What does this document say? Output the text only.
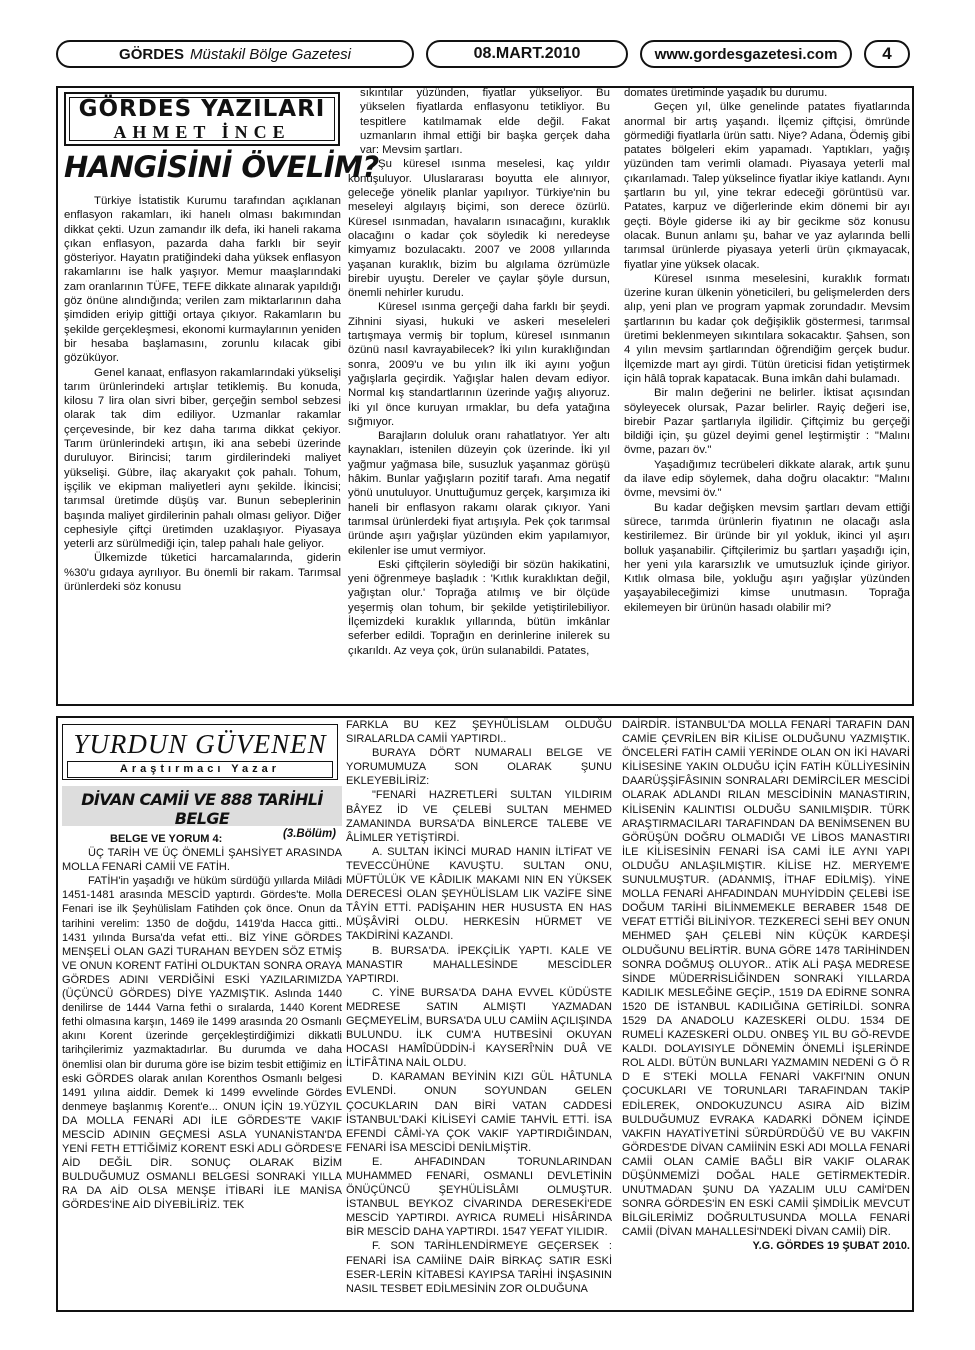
GÖRDES Müstakil Bölge Gazetesi	08.MART.2010	www.gordesgazetesi.com	4
GÖRDES YAZILARI
AHMET İNCE
HANGİSİNİ ÖVELİM?

Türkiye İstatistik Kurumu tarafından açıklanan enflasyon rakamları, iki hanelı olması bakımından dikkat çekti. Uzun zamandır ilk defa, iki haneli rakama çıkan enflasyon, pazarda daha farklı bir seyir gösteriyor. Hayatın pratiğindeki daha yüksek enflasyon rakamlarını ise halk yaşıyor. Memur maaşlarındaki zam oranlarının TÜFE, TEFE dikkate alınarak yapıldığı göz önüne alındığında; verilen zam miktarlarının daha şimdiden eriyip gittiği ortaya çıkıyor. Rakamların bu şekilde gerçekleşmesi, ekonomi kurmaylarının yeniden bir hesaba başlamasını, zorunlu kılacak gibi gözüküyor.

Genel kanaat, enflasyon rakamlarındaki yükselişi tarım ürünlerindeki artışlar tetiklemiş. Bu konuda, kilosu 7 lira olan sivri biber, gerçeğin sembol sebzesi olarak tak dim ediliyor. Uzmanlar rakamlar çerçevesinde, bir kez daha tarıma dikkat çekiyor. Tarım ürünlerindeki artışın, iki ana sebebi üzerinde duruluyor. Birincisi; tarım girdilerindeki maliyet yükselişi. Gübre, ilaç akaryakıt çok pahalı. Tohum, işçilik ve ekipman maliyetleri aynı şekilde. İkincisi; tarımsal üretimde düşüş var. Bunun sebeplerinin başında maliyet girdilerinin pahalı olması geliyor. Diğer cephesiyle çiftçi üretimden uzaklaşıyor. Piyasaya yeterli arz sürülmediği için, talep pahalı hale geliyor.

Ülkemizde tüketici harcamalarında, giderin %30'u gıdaya ayrılıyor. Bu önemli bir rakam. Tarımsal ürünlerdeki söz konusu

sıkıntılar yüzünden, fiyatlar yükseliyor. Bu yükselen fiyatlarda enflasyonu tetikliyor. Bu tespitlere katılmamak elde değil. Fakat uzmanların ihmal ettiği bir başka gerçek daha var: Mevsim şartları.

Şu küresel ısınma meselesi, kaç yıldır konuşuluyor. Uluslararası boyutta ele alınıyor, geleceğe yönelik planlar yapılıyor. Türkiye'nin bu meseleyi algılayış biçimi, son derece özürlü. Küresel ısınmadan, havaların ısınacağını, kuraklık olacağını o kadar çok söyledik ki neredeyse kimyamız bozulacaktı. 2007 ve 2008 yıllarında yaşanan kuraklık, bizim bu algılama özrümüzle birebir uyuştu. Dereler ve çaylar şöyle dursun, önemli nehirler kurudu.

Küresel ısınma gerçeği daha farklı bir şeydi. Zihnini siyasi, hukuki ve askeri meseleleri tartışmaya vermiş bir toplum, küresel ısınmanın özünü nasıl kavrayabilecek? İki yılın kuraklığından sonra, 2009'u ve bu yılın ilk iki ayını yoğun yağışlarla geçirdik. Yağışlar halen devam ediyor. Normal kış standartlarının üzerinde yağış alıyoruz. İki yıl önce kuruyan ırmaklar, bu defa yatağına sığmıyor.

Barajların doluluk oranı rahatlatıyor. Yer altı kaynakları, istenilen düzeyin çok üzerinde. İki yıl yağmur yağmasa bile, susuzluk yaşanmaz görüşü hâkim. Bunlar yağışların pozitif tarafı. Ama negatif yönü unutuluyor. Unuttuğumuz gerçek, karşımıza iki haneli bir enflasyon rakamı olarak çıkıyor. Yani tarımsal ürünlerdeki fiyat artışıyla. Pek çok tarımsal üründe aşırı yağışlar yüzünden ekim yapılamıyor, ekilenler ise umut vermiyor.

Eski çiftçilerin söylediği bir sözün hakikatini, yeni öğrenmeye başladık : 'Kıtlık kuraklıktan değil, yağıştan olur.' Toprağa atılmış ve bir ölçüde yeşermiş olan tohum, bir şekilde yetiştirilebiliyor. İlçemizdeki kuraklık yıllarında, bütün imkânlar seferber edildi. Toprağın en derinlerine inilerek su çıkarıldı. Az veya çok, ürün sulanabildi. Patates,

domates üretiminde yaşadık bu durumu.

Geçen yıl, ülke genelinde patates fiyatlarında anormal bir artış yaşandı. İlçemiz çiftçisi, ömründe görmediği fiyatlarla ürün sattı. Niye? Adana, Ödemiş gibi patates bölgeleri ekim yapamadı. Yaptıkları, yağış yüzünden tam verimli olamadı. Piyasaya yeterli mal çıkarılamadı. Talep yükselince fiyatlar ikiye katlandı. Aynı şartların bu yıl, yine tekrar edeceği görüntüsü var. Patates, karpuz ve diğerlerinde ekim dönemi bir ayı geçti. Böyle giderse iki ay bir gecikme söz konusu olacak. Bunun anlamı şu, bahar ve yaz aylarında belli tarımsal ürünlerde piyasaya yeterli ürün çıkmayacak, fiyatlar yine yüksek olacak.

Küresel ısınma meselesini, kuraklık formatı üzerine kuran ülkenin yöneticileri, bu gelişmelerden ders alıp, yeni plan ve program yapmak zorundadır. Mevsim şartlarının bu kadar çok değişiklik göstermesi, tarımsal üretimi beklenmeyen sıkıntılara sokacaktır. Şahsen, son 4 yılın mevsim şartlarından öğrendiğim gerçek budur. İlçemizde mart ayı girdi. Tütün üreticisi fidan yetiştirmek için hâlâ toprak kapatacak. Buna imkân dahi bulamadı.

Bir malın değerini ne belirler. İktisat açısından söyleyecek olursak, Pazar belirler. Rayiç değeri ise, birebir Pazar şartlarıyla ilgilidir. Çiftçimiz bu gerçeği bildiği için, şu güzel deyimi genel leştirmiştir : "Malını övme, pazarı öv."

Yaşadığımız tecrübeleri dikkate alarak, artık şunu da ilave edip söylemek, daha doğru olacaktır: "Malını övme, mevsimi öv."

Bu kadar değişken mevsim şartları devam ettiği sürece, tarımda ürünlerin fiyatının ne olacağı asla kestirilemez. Bir üründe bir yıl yokluk, ikinci yıl aşırı bolluk yaşanabilir. Çiftçilerimiz bu şartları yaşadığı için, her yeni yıla kararsızlık ve umutsuzluk içinde giriyor. Kıtlık olmasa bile, yokluğu aşırı yağışlar yüzünden yaşayabileceğimizi kimse unutmasın. Toprağa ekilemeyen bir ürünün hasadı olabilir mi?

YURDUN GÜVENEN
Araştırmacı Yazar
DİVAN CAMİİ VE 888 TARİHLİ BELGE
(3.Bölüm)

BELGE VE YORUM 4:

ÜÇ TARİH VE ÜÇ ÖNEMLİ ŞAHSİYET ARASINDA MOLLA FENARİ CAMİİ VE FATİH.

FATİH'in yaşadığı ve hüküm sürdüğü yıllarda Milâdi 1451-1481 arasında MESCİD yaptırdı. Gördes'te. Molla Fenari ise ilk Şeyhülislam Fatihden çok önce. Onun da tarihini verelim: 1350 de doğdu, 1419'da Hacca gitti.. 1431 yılında Bursa'da vefat etti.. BİZ YİNE GÖRDES MENŞELİ OLAN GAZİ TURAHAN BEYDEN SÖZ ETMİŞ VE ONUN KORENT FATİHİ OLDUKTAN SONRA ORAYA GÖRDES ADINI VERDİĞİNİ ESKİ YAZILARIMIZDA (ÜÇÜNCÜ GÖRDES) DİYE YAZMIŞTIK. Aslında 1440 denilirse de 1444 Varna fethi o sıralarda, 1440 Korent fethi olmasına karşın, 1469 ile 1499 arasında 20 Osmanlı akını Korent üzerinde gerçekleştirdiğimizi dikkatli tarihçilerimiz yazmaktadırlar. Bu durumda ve daha önemlisi olan bir duruma göre ise bizim tesbit ettiğimiz en eski GÖRDES olarak anılan Korenthos Osmanlı belgesi 1491 yılına aiddir. Demek ki 1499 evvelinde Gördes denmeye başlanmış Korent'e... ONUN İÇİN 19.YÜZYIL DA MOLLA FENARİ ADI İLE GÖRDES'TE VAKIF MESCİD ADININ GEÇMESİ ASLA YUNANİSTAN'DA YENİ FETH ETTİĞİMİZ KORENT ESKİ ADLI GÖRDES'E AİD DEĞİL DİR. SONUÇ OLARAK BİZİM BULDUĞUMUZ OSMANLI BELGESİ SONRAKİ YILLA RA DA AİD OLSA MENŞE İTİBARİ İLE MANİSA GÖRDES'İNE AİD DİYEBİLİRİZ. TEK

FARKLA BU KEZ ŞEYHÜLİSLAM OLDUĞU SIRALARLDA CAMİİ YAPTIRDI..

BURAYA DÖRT NUMARALI BELGE VE YORUMUMUZA SON OLARAK ŞUNU EKLEYEBİLİRİZ:

"FENARİ HAZRETLERİ SULTAN YILDIRIM BÂYEZ İD VE ÇELEBİ SULTAN MEHMED ZAMANINDA BURSA'DA BİNLERCE TALEBE VE ÂLİMLER YETİŞTİRDİ.

A. SULTAN İKİNCİ MURAD HANIN İLTİFAT VE TEVECCÜHÜNE KAVUŞTU. SULTAN ONU, MÜFTÜLÜK VE KÂDILIK MAKAMI NIN EN YÜKSEK DERECESİ OLAN ŞEYHÜLİSLAM LIK VAZİFE SİNE TÂYİN ETTİ. PADİŞAHIN HER HUSUSTA EN HAS MÜŞÂVİRİ OLDU. HERKESİN HÜRMET VE TAKDİRİNİ KAZANDI.

B. BURSA'DA. İPEKÇİLİK YAPTI. KALE VE MANASTIR MAHALLESİNDE MESCİDLER YAPTIRDI.

C. YİNE BURSA'DA DAHA EVVEL KÜDÜSTE MEDRESE SATIN ALMIŞTI YAZMADAN GEÇMEYELİM, BURSA'DA ULU CAMİİN AÇILIŞINDA BULUNDU. İLK CUM'A HUTBESİNİ OKUYAN HOCASI HAMÎDÜDDİN-İ KAYSERÎ'NİN DUÂ VE İLTİFÂTINA NAİL OLDU.

D. KARAMAN BEYİNİN KIZI GÜL HÂTUNLA EVLENDİ. ONUN SOYUNDAN GELEN ÇOCUKLARIN DAN BİRİ VATAN CADDESİ İSTANBUL'DAKİ KİLİSEYİ CAMİE TAHVİL ETTİ. İSA EFENDİ CÂMİ-YA ÇOK VAKIF YAPTIRDIĞINDAN, FENARİ İSA MESCİDİ DENİLMİŞTİR.

E. AHFADINDAN TORUNLARINDAN MUHAMMED FENARİ, OSMANLI DEVLETİNİN ÖNÜÇÜNCÜ ŞEYHÜLİSLÂMI OLMUŞTUR. İSTANBUL BEYKOZ CİVARINDA DERESEKİ'EDE MESCİD YAPTIRDI. AYRICA RUMELİ HİSÂRINDA BİR MESCİD DAHA YAPTIRDI. 1547 YEFAT YILIDIR.

F. SON TARİHLENDİRMEYE GEÇERSEK : FENARİ İSA CAMİİNE DAİR BİRKAÇ SATIR ESKİ ESER-LERİN KİTABESİ KAYIPSA TARİHİ İNŞASININ NASIL TESBET EDİLMESİNİN ZOR OLDUĞUNA

DAİRDİR. İSTANBUL'DA MOLLA FENARİ TARAFIN DAN CAMİE ÇEVRİLEN BİR KİLİSE OLDUĞUNU YAZMIŞTIK. ÖNCELERİ FATİH CAMİİ YERİNDE OLAN ON İKİ HAVARİ KİLİSESİNE YAKIN OLDUĞU İÇİN FATİH KÜLLİYESİNİN DAARÜŞŞİFÂSININ SONRALARI DEMİRCİLER MESCİDİ OLARAK ADLANDI RILAN MESCİDİNİN MANASTIRIN, KİLİSENİN KALINTISI OLDUĞU SANILMIŞDIR. TÜRK ARAŞTIRMACILARI TARAFINDAN DA BENİMSENEN BU GÖRÜŞÜN DOĞRU OLMADIĞI VE LİBOS MANASTIRI İLE KİLİSESİNİN FENARİ İSA CAMİ İLE AYNI YAPI OLDUĞU ANLAŞILMIŞTIR. KİLİSE HZ. MERYEM'E SUNULMUŞTUR. (ADANMIŞ, İTHAF EDİLMİŞ). YİNE MOLLA FENARİ AHFADINDAN MUHYİDDİN ÇELEBİ İSE DOĞUM TARİHİ BİLİNMEMEKLE BERABER 1548 DE VEFAT ETTİĞİ BİLİNİYOR. TEZKERECİ SEHİ BEY ONUN MEHMED ŞAH ÇELEBİ NİN KÜÇÜK KARDEŞİ OLDUĞUNU BELİRTİR. BUNA GÖRE 1478 TARİHİNDEN SONRA DOĞMUŞ OLUYOR.. ATİK ALİ PAŞA MEDRESE SİNDE MÜDERRİSLİĞİNDEN SONRAKİ YILLARDA KADILIK MESLEĞİNE GEÇİP., 1519 DA EDİRNE SONRA 1520 DE İSTANBUL KADILIĞINA GETİRİLDİ. SONRA 1529 DA ANADOLU KAZESKERİ OLDU. 1534 DE RUMELİ KAZESKERİ OLDU. ONBEŞ YIL BU GÖ-REVDE KALDI. DOLAYISIYLE DÖNEMİN ÖNEMLİ İŞLERİNDE ROL ALDI. BÜTÜN BUNLARI YAZMAMIN NEDENİ G Ö R D E S'TEKİ MOLLA FENARİ VAKFI'NIN ONUN ÇOCUKLARI VE TORUNLARI TARAFINDAN TAKİP EDİLEREK, ONDOKUZUNCU ASIRA AİD BİZİM BULDUĞUMUZ EVRAKA KADARKİ DÖNEM İÇİNDE VAKFIN HAYATİYETİNİ SÜRDÜRDÜĞÜ VE BU VAKFIN GÖRDES'DE DİVAN CAMİİNİN ESKİ ADI MOLLA FENARİ CAMİİ OLAN CAMİE BAĞLI BİR VAKIF OLARAK DÜŞÜNMEMİZİ DOĞAL HALE GETİRMEKTEDİR. UNUTMADAN ŞUNU DA YAZALIM ULU CAMİ'DEN SONRA GÖRDES'İN EN ESKİ CAMİİ ŞİMDİLİK MEVCUT BİLGİLERİMİZ DOĞRULTUSUNDA MOLLA FENARİ CAMİİ (DİVAN MAHALLESİ'NDEKİ DİVAN CAMİİ) DİR.

Y.G. GÖRDES 19 ŞUBAT 2010.
